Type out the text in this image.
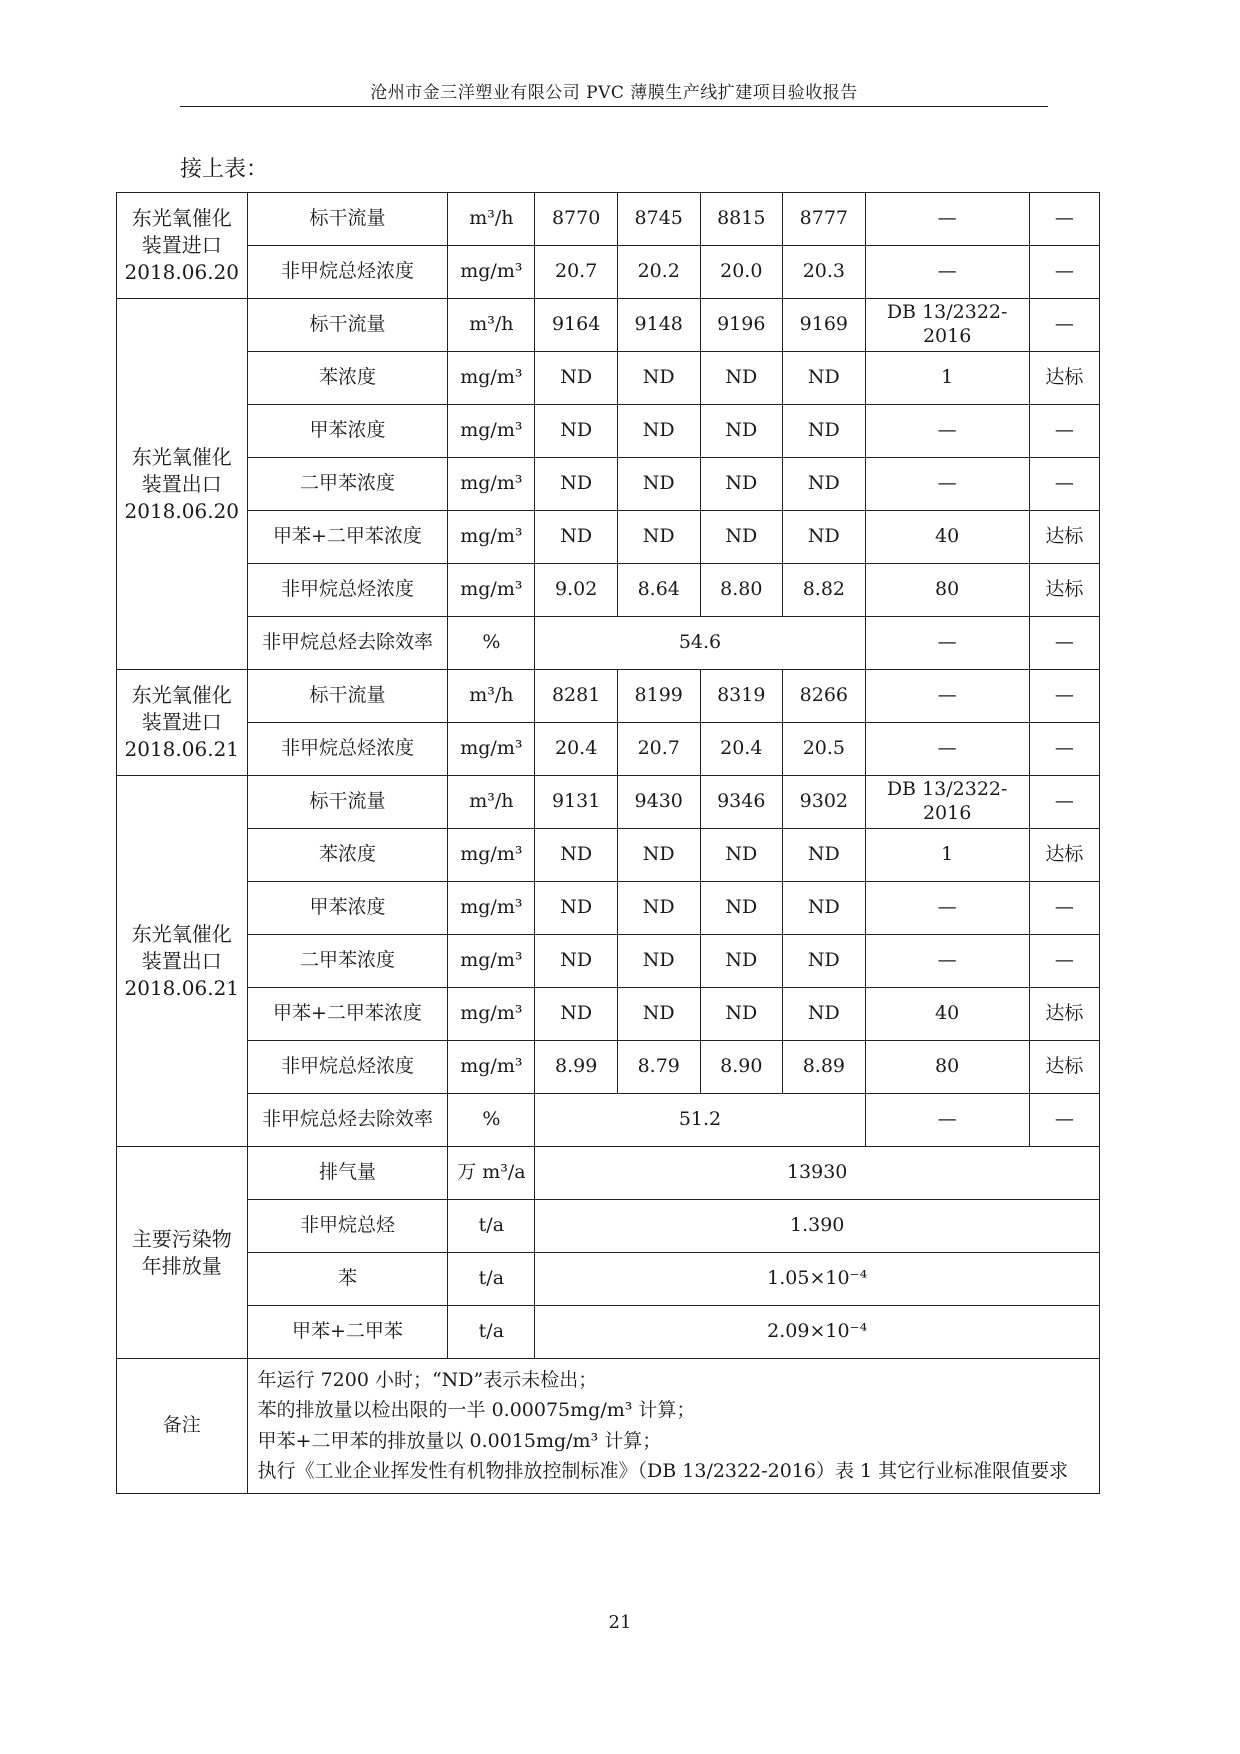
沧州市金三洋塑业有限公司 PVC 薄膜生产线扩建项目验收报告
接上表：
东光氧催化
装置进口
2018.06.20	标干流量	m³/h	8770	8745	8815	8777	—	—
	非甲烷总烃浓度	mg/m³	20.7	20.2	20.0	20.3	—	—

东光氧催化
装置出口
2018.06.20	标干流量	m³/h	9164	9148	9196	9169	DB 13/2322-2016	—
	苯浓度	mg/m³	ND	ND	ND	ND	1	达标
	甲苯浓度	mg/m³	ND	ND	ND	ND	—	—
	二甲苯浓度	mg/m³	ND	ND	ND	ND	—	—
	甲苯+二甲苯浓度	mg/m³	ND	ND	ND	ND	40	达标
	非甲烷总烃浓度	mg/m³	9.02	8.64	8.80	8.82	80	达标
	非甲烷总烃去除效率	%	54.6				—	—

东光氧催化
装置进口
2018.06.21	标干流量	m³/h	8281	8199	8319	8266	—	—
	非甲烷总烃浓度	mg/m³	20.4	20.7	20.4	20.5	—	—

东光氧催化
装置出口
2018.06.21	标干流量	m³/h	9131	9430	9346	9302	DB 13/2322-2016	—
	苯浓度	mg/m³	ND	ND	ND	ND	1	达标
	甲苯浓度	mg/m³	ND	ND	ND	ND	—	—
	二甲苯浓度	mg/m³	ND	ND	ND	ND	—	—
	甲苯+二甲苯浓度	mg/m³	ND	ND	ND	ND	40	达标
	非甲烷总烃浓度	mg/m³	8.99	8.79	8.90	8.89	80	达标
	非甲烷总烃去除效率	%	51.2				—	—

主要污染物
年排放量	排气量	万 m³/a	13930					
	非甲烷总烃	t/a	1.390					
	苯	t/a	1.05×10⁻⁴					
	甲苯+二甲苯	t/a	2.09×10⁻⁴					
备注	年运行 7200 小时；“ND”表示未检出；
苯的排放量以检出限的一半 0.00075mg/m³ 计算；
甲苯+二甲苯的排放量以 0.0015mg/m³ 计算；
执行《工业企业挥发性有机物排放控制标准》（DB 13/2322-2016）表 1 其它行业标准限值要求							
21
